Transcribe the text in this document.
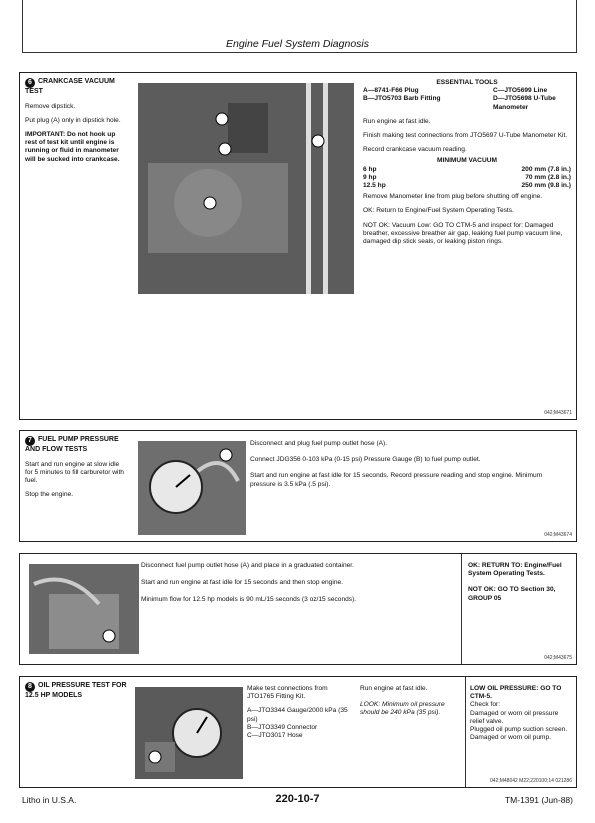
Engine Fuel System Diagnosis
6 CRANKCASE VACUUM TEST
Remove dipstick.
Put plug (A) only in dipstick hole.
IMPORTANT: Do not hook up rest of test kit until engine is running or fluid in manometer will be sucked into crankcase.
ESSENTIAL TOOLS
A—8741-F66 Plug	C—JTO5699 Line
B—JTO5703 Barb Fitting	D—JTO5698 U-Tube Manometer
Run engine at fast idle.
Finish making test connections from JTO5697 U-Tube Manometer Kit.
Record crankcase vacuum reading.
MINIMUM VACUUM
6 hp	200 mm (7.8 in.)
9 hp	70 mm (2.8 in.)
12.5 hp	250 mm (9.8 in.)
Remove Manometer line from plug before shutting off engine.
OK: Return to Engine/Fuel System Operating Tests.
NOT OK: Vacuum Low: GO TO CTM-5 and inspect for: Damaged breather, excessive breather air gap, leaking fuel pump vacuum line, damaged dip stick seals, or leaking piston rings.
042;M43671
7 FUEL PUMP PRESSURE AND FLOW TESTS
Start and run engine at slow idle for 5 minutes to fill carburetor with fuel.
Stop the engine.
Disconnect and plug fuel pump outlet hose (A).
Connect JDG356 0-103 kPa (0-15 psi) Pressure Gauge (B) to fuel pump outlet.
Start and run engine at fast idle for 15 seconds. Record pressure reading and stop engine. Minimum pressure is 3.5 kPa (.5 psi).
042;M43674
Disconnect fuel pump outlet hose (A) and place in a graduated container.
Start and run engine at fast idle for 15 seconds and then stop engine.
Minimum flow for 12.5 hp models is 90 mL/15 seconds (3 oz/15 seconds).
OK: RETURN TO: Engine/Fuel System Operating Tests.
NOT OK: GO TO Section 30, GROUP 05
042;M43675
8 OIL PRESSURE TEST FOR 12.5 HP MODELS
Make test connections from JTO1765 Fitting Kit.
A—JTO3344 Gauge/2000 kPa (35 psi)
B—JTO3349 Connector
C—JTO3017 Hose
Run engine at fast idle.
LOOK: Minimum oil pressure should be 240 kPa (35 psi).
LOW OIL PRESSURE: GO TO CTM-5.
Check for:
Damaged or worn oil pressure relief valve.
Plugged oil pump suction screen.
Damaged or worn oil pump.
042;M48042 M22;220100;14 021286
Litho in U.S.A.	220-10-7	TM-1391 (Jun-88)
